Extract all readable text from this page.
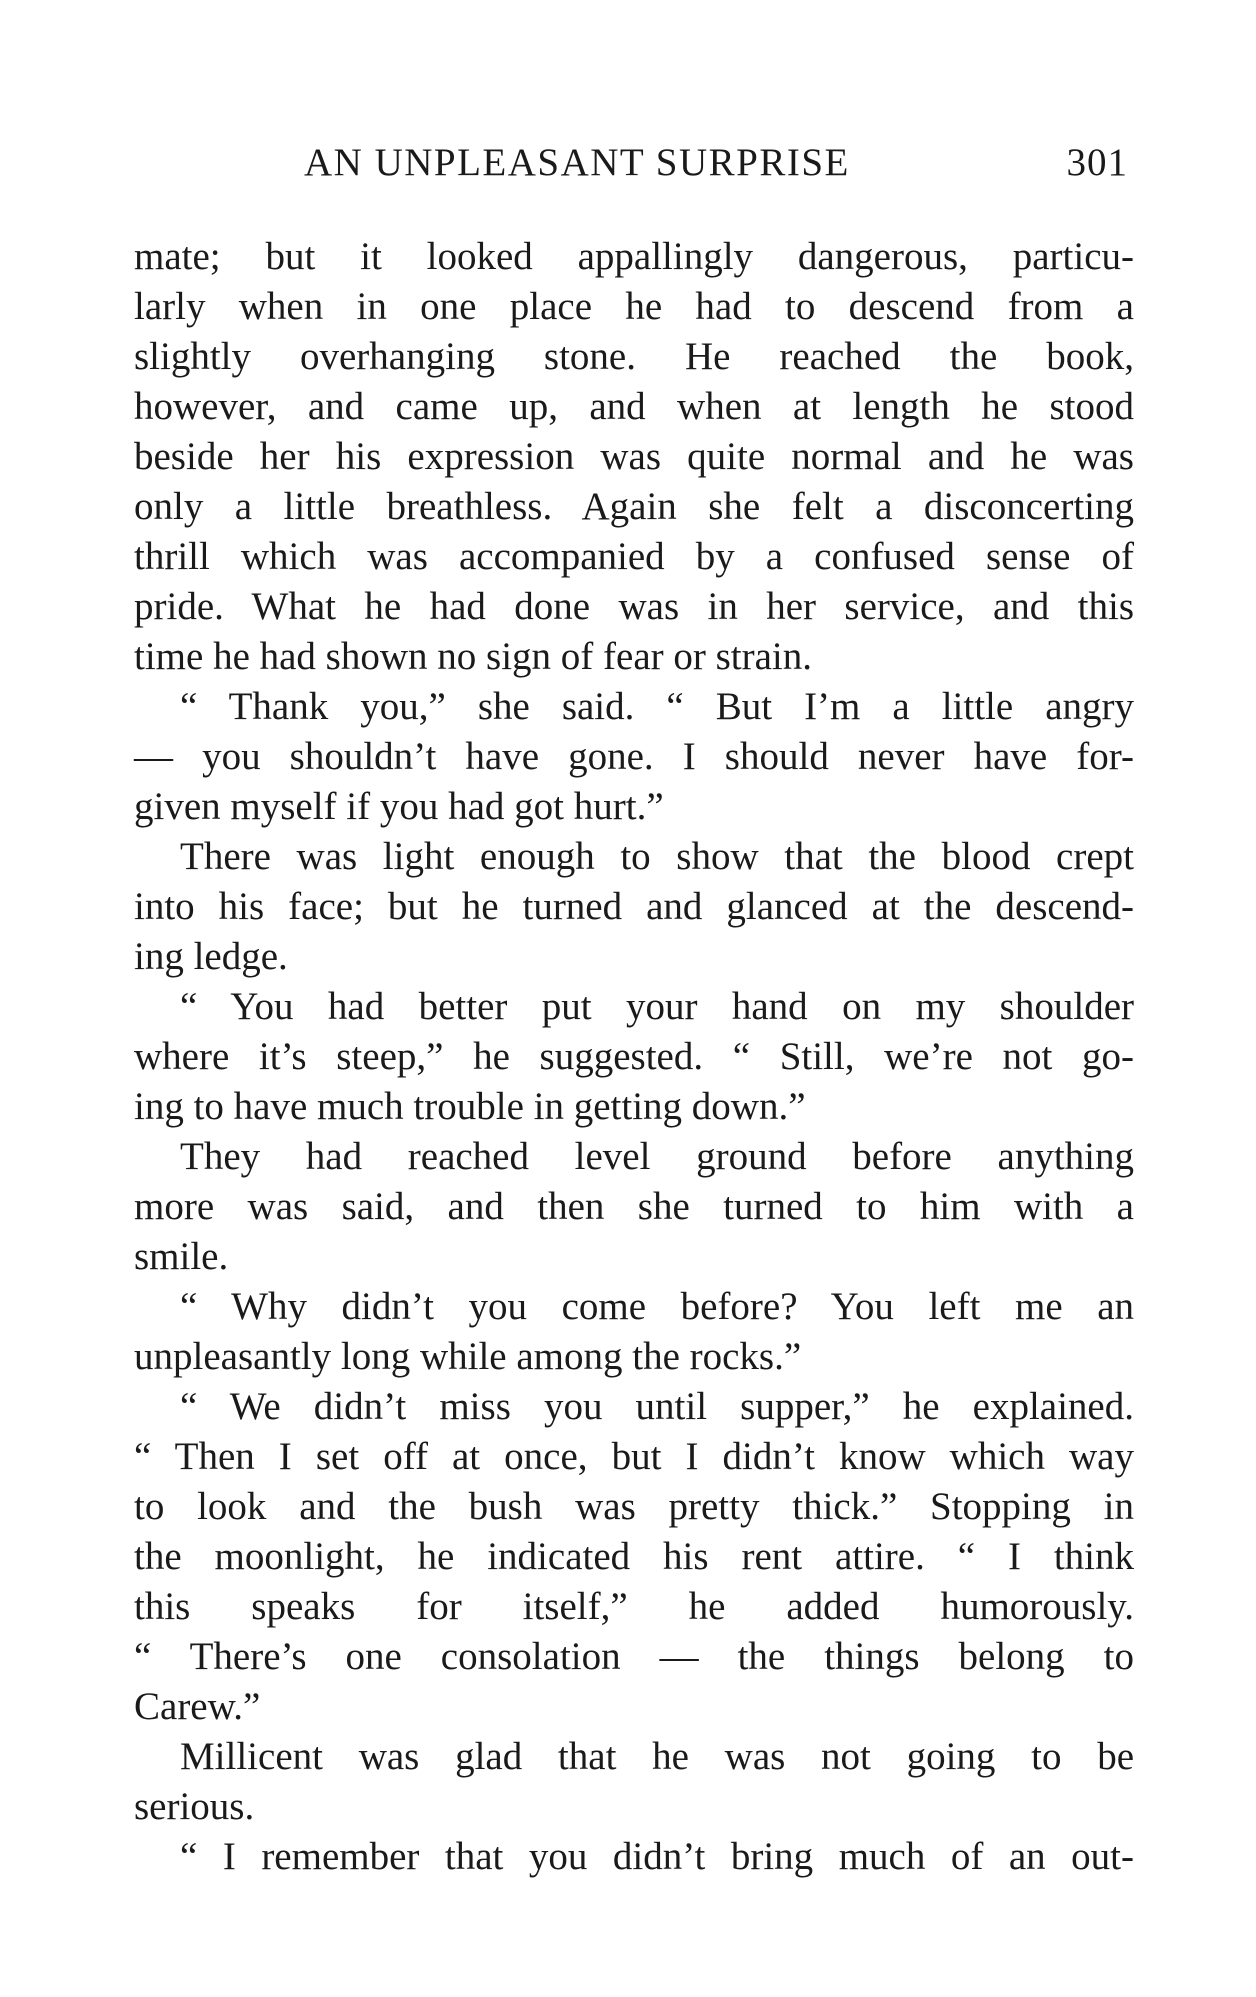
AN UNPLEASANT SURPRISE	301
mate; but it looked appallingly dangerous, particu-
larly when in one place he had to descend from a
slightly overhanging stone. He reached the book,
however, and came up, and when at length he stood
beside her his expression was quite normal and he was
only a little breathless. Again she felt a disconcerting
thrill which was accompanied by a confused sense of
pride. What he had done was in her service, and this
time he had shown no sign of fear or strain.
“ Thank you,” she said. “ But I’m a little angry
— you shouldn’t have gone. I should never have for-
given myself if you had got hurt.”
There was light enough to show that the blood crept
into his face; but he turned and glanced at the descend-
ing ledge.
“ You had better put your hand on my shoulder
where it’s steep,” he suggested. “ Still, we’re not go-
ing to have much trouble in getting down.”
They had reached level ground before anything
more was said, and then she turned to him with a
smile.
“ Why didn’t you come before? You left me an
unpleasantly long while among the rocks.”
“ We didn’t miss you until supper,” he explained.
“ Then I set off at once, but I didn’t know which way
to look and the bush was pretty thick.” Stopping in
the moonlight, he indicated his rent attire. “ I think
this speaks for itself,” he added humorously.
“ There’s one consolation — the things belong to
Carew.”
Millicent was glad that he was not going to be
serious.
“ I remember that you didn’t bring much of an out-
